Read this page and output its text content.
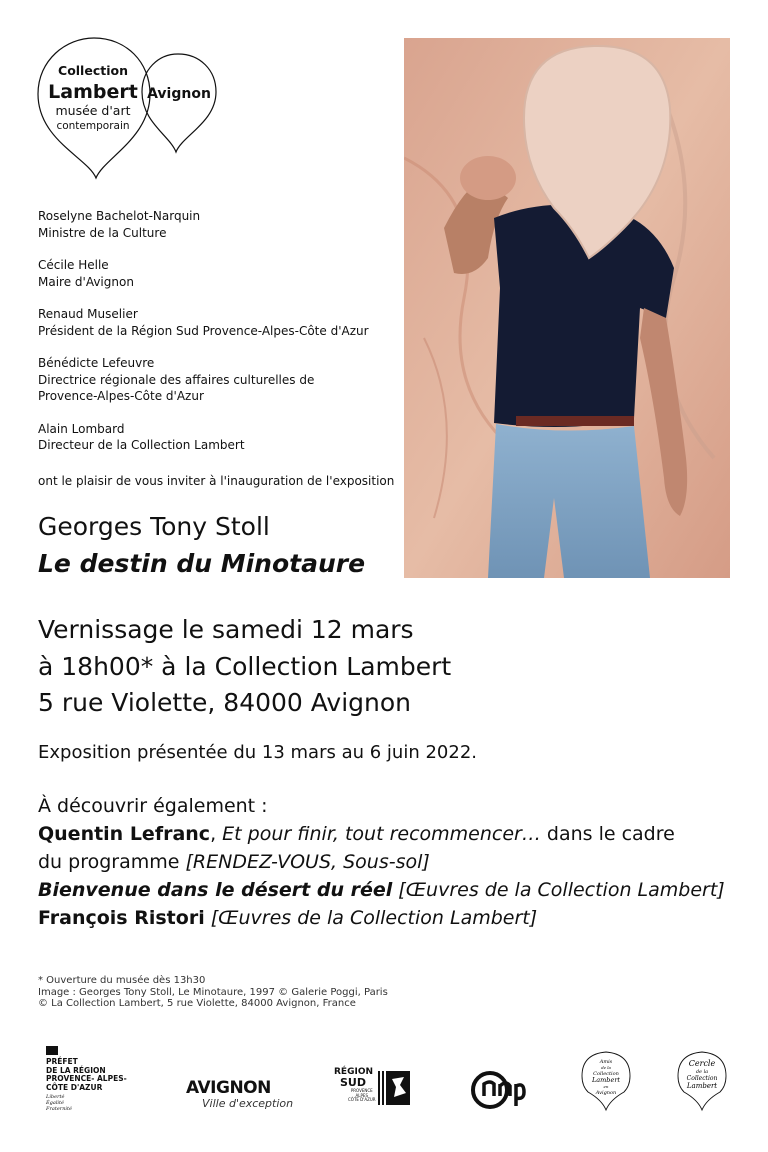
Collection
Lambert
musée d'art
contemporain
Avignon
Roselyne Bachelot-Narquin
Ministre de la Culture
Cécile Helle
Maire d'Avignon
Renaud Muselier
Président de la Région Sud Provence-Alpes-Côte d'Azur
Bénédicte Lefeuvre
Directrice régionale des affaires culturelles de
Provence-Alpes-Côte d'Azur
Alain Lombard
Directeur de la Collection Lambert
ont le plaisir de vous inviter à l'inauguration de l'exposition
Georges Tony Stoll
Le destin du Minotaure
Vernissage le samedi 12 mars
à 18h00* à la Collection Lambert
5 rue Violette, 84000 Avignon
Exposition présentée du 13 mars au 6 juin 2022.
À découvrir également :
Quentin Lefranc, Et pour finir, tout recommencer… dans le cadre
du programme [RENDEZ-VOUS, Sous-sol]
Bienvenue dans le désert du réel [Œuvres de la Collection Lambert]
François Ristori [Œuvres de la Collection Lambert]
* Ouverture du musée dès 13h30
Image : Georges Tony Stoll, Le Minotaure, 1997 © Galerie Poggi, Paris
© La Collection Lambert, 5 rue Violette, 84000 Avignon, France
PRÉFET
DE LA RÉGION
PROVENCE- ALPES-
CÔTE D'AZUR
Liberté
Égalité
Fraternité
AVIGNON
Ville d'exception
RÉGION
SUD
PROVENCE
ALPES
CÔTE D'AZUR
Amis
de la
Collection
Lambert
en
Avignon
Cercle
de la
Collection
Lambert
